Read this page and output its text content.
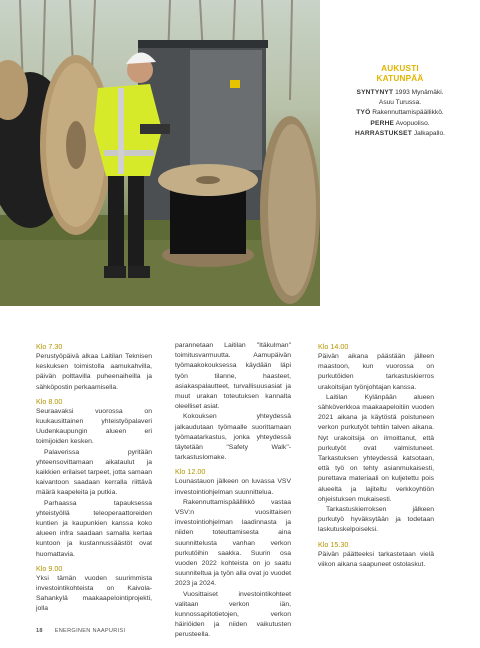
AUKUSTI
KATUNPÄÄ
SYNTYNYT 1993 Mynämäki.
Asuu Turussa.
TYÖ Rakennuttamispäällikkö.
PERHE Avopuoliso.
HARRASTUKSET Jalkapallo.
Klo 7.30

Perustyöpäivä alkaa Laitilan Teknisen keskuksen toimistolla aamukahvilla, päivän polttavilla puheenaiheilla ja sähköpostin perkaamisella.

Klo 8.00

Seuraavaksi vuorossa on kuukausittainen yhteistyöpalaveri Uudenkaupungin alueen eri toimijoiden kesken.

Palaverissa pyritään yhteensovittamaan aikataulut ja kaikkien erilaiset tarpeet, jotta samaan kaivantoon saadaan kerralla riittävä määrä kaapeleita ja putkia.

Parhaassa tapauksessa yhteistyöllä teleoperaattoreiden kuntien ja kaupunkien kanssa koko alueen infra saadaan samalla kertaa kuntoon ja kustannussäästöt ovat huomattavia.

Klo 9.00

Yksi tämän vuoden suurimmista investointikohteista on Kaivola-Sahankylä maakaapelointiprojekti, jolla

parannetaan Laitilan "Itäkulman" toimitusvarmuutta. Aamupäivän työmaakokouksessa käydään läpi työn tilanne, haasteet, asiakaspalautteet, turvallisuusasiat ja muut urakan toteutuksen kannalta oleelliset asiat.

Kokouksen yhteydessä jalkaudutaan työmaalle suorittamaan työmaatarkastus, jonka yhteydessä täytetään "Safety Walk"-tarkastuslomake.

Klo 12.00

Lounastauon jälkeen on luvassa VSV investointiohjelman suunnittelua.

Rakennuttamispäällikkö vastaa VSV:n vuosittaisen investointiohjelman laadinnasta ja niiden toteuttamisesta aina suunnittelusta vanhan verkon purkutöihin saakka. Suurin osa vuoden 2022 kohteista on jo saatu suunniteltua ja työn alla ovat jo vuodet 2023 ja 2024.

Vuosittaiset investointikohteet valitaan verkon iän, kunnossapitotietojen, verkon häiriöiden ja niiden vaikutusten perusteella.

Klo 14.00

Päivän aikana päästään jälleen maastoon, kun vuorossa on purkutöiden tarkastuskierros urakoitsijan työnjohtajan kanssa.

Laitilan Kylänpään alueen sähköverkkoa maakaapeloitiin vuoden 2021 aikana ja käytöstä poistuneen verkon purkutyöt tehtiin talven aikana. Nyt urakoitsija on ilmoittanut, että purkutyöt ovat valmistuneet. Tarkastuksen yhteydessä katsotaan, että työ on tehty asianmukaisesti, purettava materiaali on kuljetettu pois alueelta ja lajiteltu verkkoyhtiön ohjeistuksen mukaisesti.

Tarkastuskierroksen jälkeen purkutyö hyväksytään ja todetaan laskutuskelpoiseksi.

Klo 15.30

Päivän päätteeksi tarkastetaan vielä viikon aikana saapuneet ostolaskut.

18 ENERGINEN NAAPURISI
